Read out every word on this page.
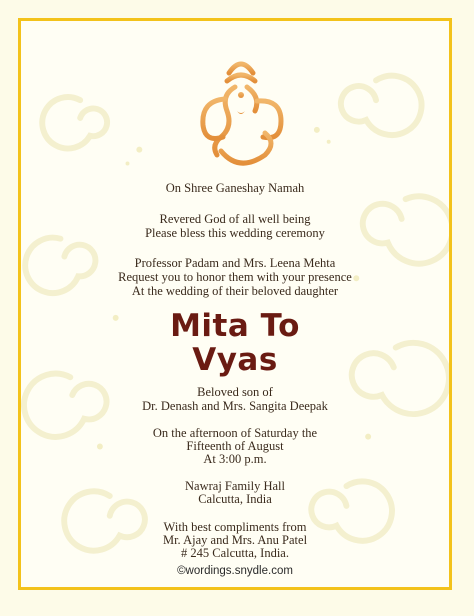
On Shree Ganeshay Namah
Revered God of all well being
Please bless this wedding ceremony
Professor Padam and Mrs. Leena Mehta
Request you to honor them with your presence
At the wedding of their beloved daughter
Mita To
Vyas
Beloved son of
Dr. Denash and Mrs. Sangita Deepak
On the afternoon of Saturday the
Fifteenth of August
At 3:00 p.m.
Nawraj Family Hall
Calcutta, India
With best compliments from
Mr. Ajay and Mrs. Anu Patel
# 245 Calcutta, India.
©wordings.snydle.com
